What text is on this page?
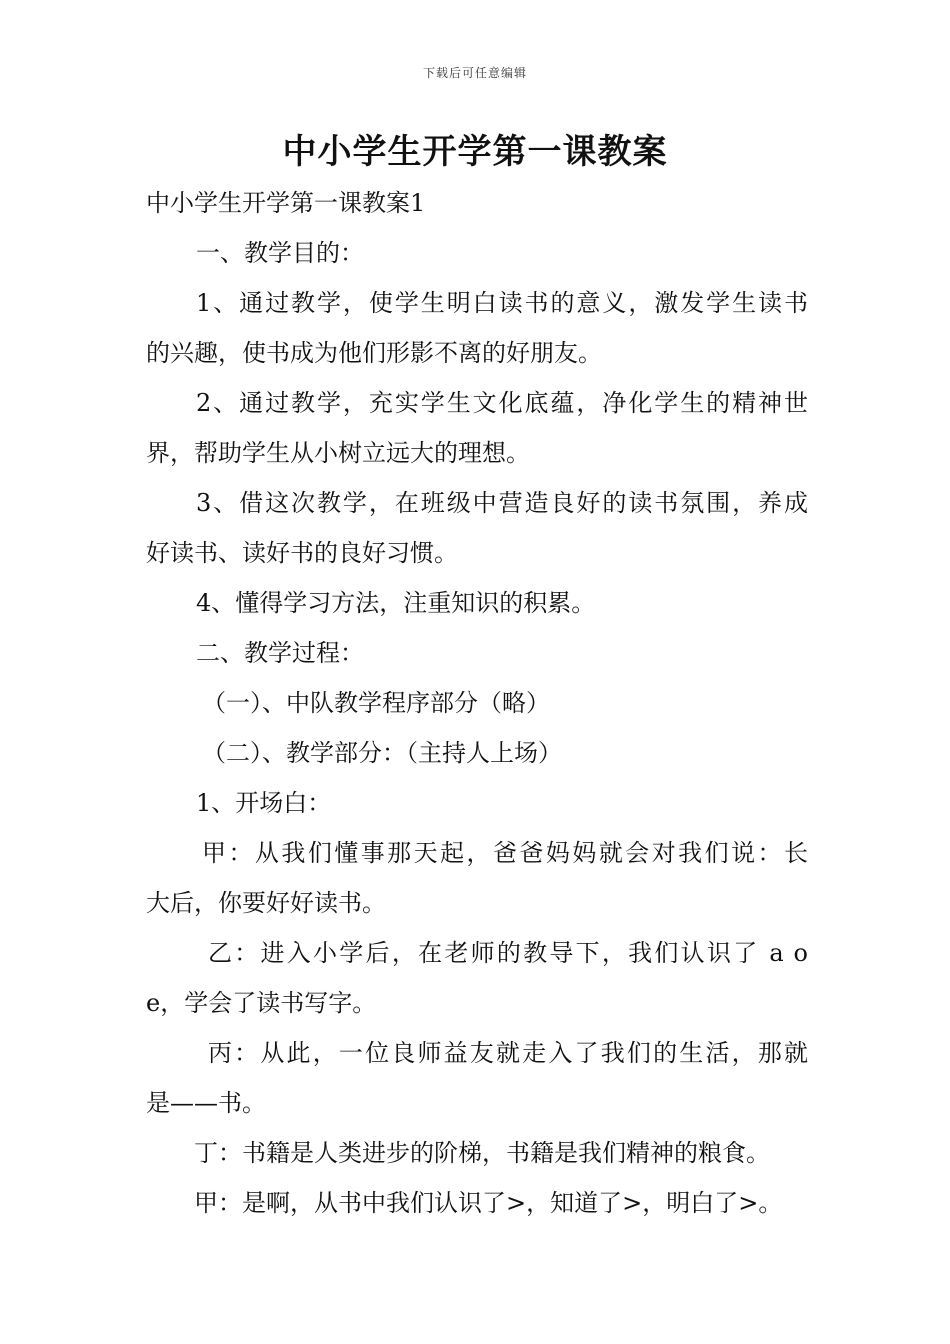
下载后可任意编辑
中小学生开学第一课教案
中小学生开学第一课教案1
一、教学目的：
1、通过教学，使学生明白读书的意义，激发学生读书
的兴趣，使书成为他们形影不离的好朋友。
2、通过教学，充实学生文化底蕴，净化学生的精神世
界，帮助学生从小树立远大的理想。
3、借这次教学，在班级中营造良好的读书氛围，养成
好读书、读好书的良好习惯。
4、懂得学习方法，注重知识的积累。
二、教学过程：
（一）、中队教学程序部分（略）
（二）、教学部分：（主持人上场）
1、开场白：
甲：从我们懂事那天起，爸爸妈妈就会对我们说：长
大后，你要好好读书。
乙：进入小学后，在老师的教导下，我们认识了 a o
e，学会了读书写字。
丙：从此，一位良师益友就走入了我们的生活，那就
是——书。
丁：书籍是人类进步的阶梯，书籍是我们精神的粮食。
甲：是啊，从书中我们认识了>，知道了>，明白了>。
